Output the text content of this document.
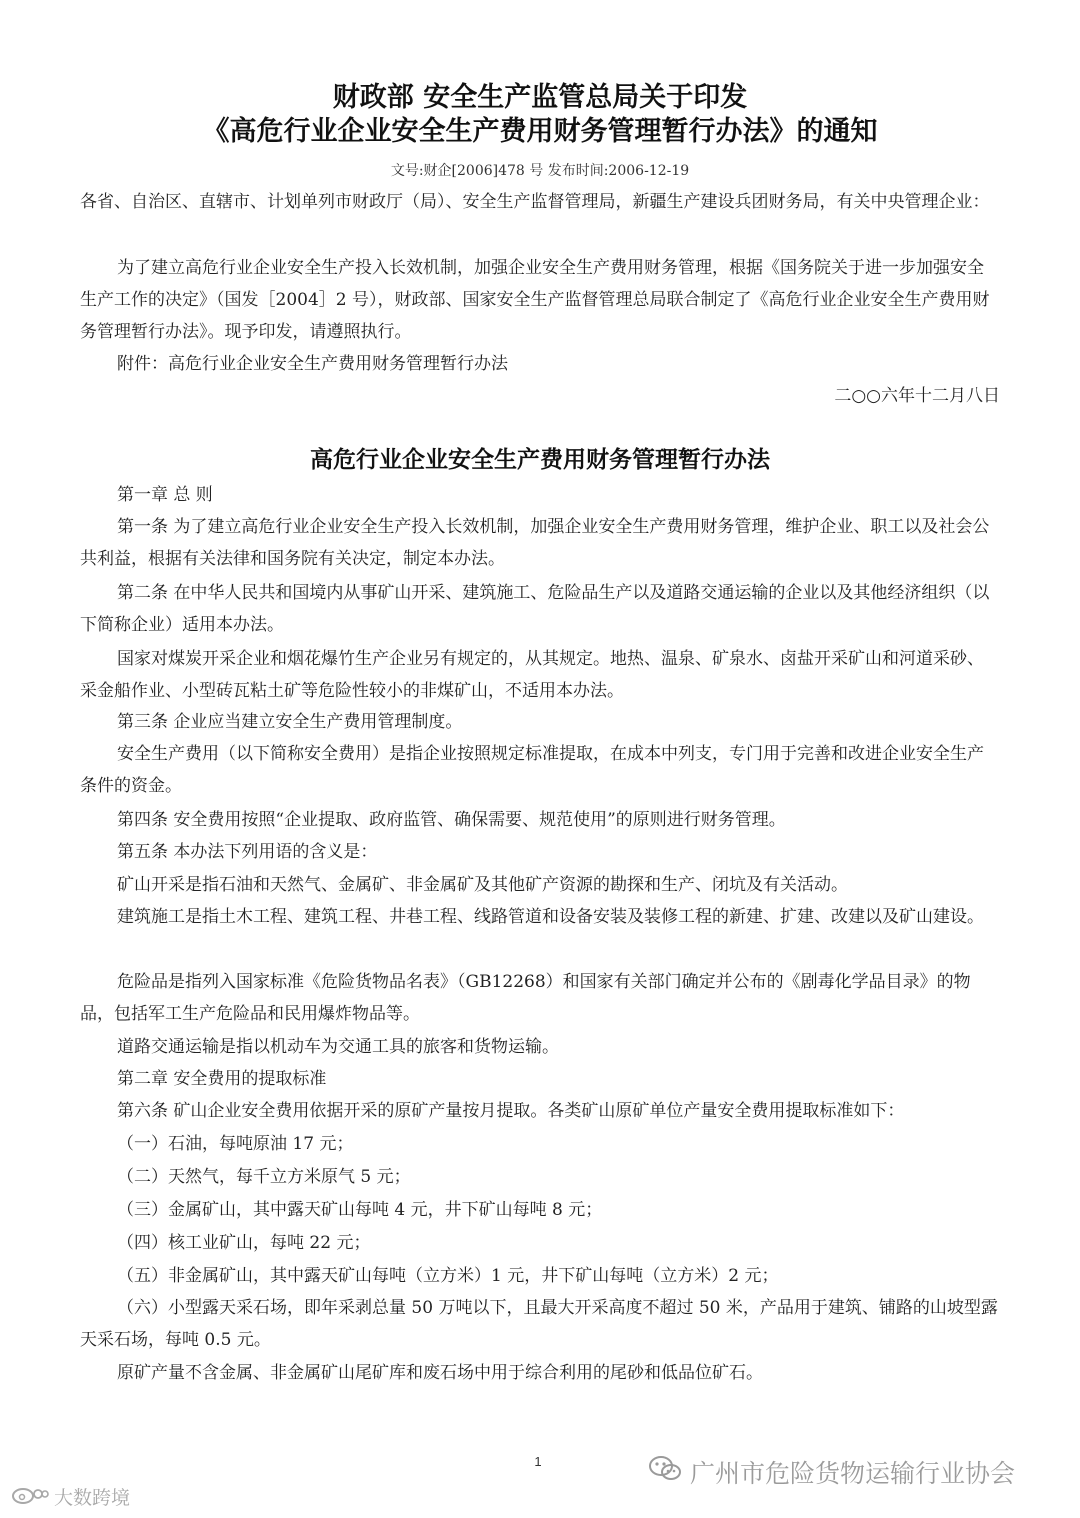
财政部 安全生产监管总局关于印发
《高危行业企业安全生产费用财务管理暂行办法》的通知
文号:财企[2006]478 号 发布时间:2006-12-19

各省、自治区、直辖市、计划单列市财政厅（局）、安全生产监督管理局，新疆生产建设兵团财务局，有关中央管理企业：

为了建立高危行业企业安全生产投入长效机制，加强企业安全生产费用财务管理，根据《国务院关于进一步加强安全生产工作的决定》（国发［2004］2 号），财政部、国家安全生产监督管理总局联合制定了《高危行业企业安全生产费用财务管理暂行办法》。现予印发，请遵照执行。

附件：高危行业企业安全生产费用财务管理暂行办法

二○○六年十二月八日

高危行业企业安全生产费用财务管理暂行办法

第一章 总 则

第一条 为了建立高危行业企业安全生产投入长效机制，加强企业安全生产费用财务管理，维护企业、职工以及社会公共利益，根据有关法律和国务院有关决定，制定本办法。

第二条 在中华人民共和国境内从事矿山开采、建筑施工、危险品生产以及道路交通运输的企业以及其他经济组织（以下简称企业）适用本办法。

国家对煤炭开采企业和烟花爆竹生产企业另有规定的，从其规定。地热、温泉、矿泉水、卤盐开采矿山和河道采砂、采金船作业、小型砖瓦粘土矿等危险性较小的非煤矿山，不适用本办法。

第三条 企业应当建立安全生产费用管理制度。

安全生产费用（以下简称安全费用）是指企业按照规定标准提取，在成本中列支，专门用于完善和改进企业安全生产条件的资金。

第四条 安全费用按照“企业提取、政府监管、确保需要、规范使用”的原则进行财务管理。

第五条 本办法下列用语的含义是：

矿山开采是指石油和天然气、金属矿、非金属矿及其他矿产资源的勘探和生产、闭坑及有关活动。

建筑施工是指土木工程、建筑工程、井巷工程、线路管道和设备安装及装修工程的新建、扩建、改建以及矿山建设。

危险品是指列入国家标准《危险货物品名表》（GB12268）和国家有关部门确定并公布的《剧毒化学品目录》的物品，包括军工生产危险品和民用爆炸物品等。

道路交通运输是指以机动车为交通工具的旅客和货物运输。

第二章 安全费用的提取标准

第六条 矿山企业安全费用依据开采的原矿产量按月提取。各类矿山原矿单位产量安全费用提取标准如下：

（一）石油，每吨原油 17 元；

（二）天然气，每千立方米原气 5 元；

（三）金属矿山，其中露天矿山每吨 4 元，井下矿山每吨 8 元；

（四）核工业矿山，每吨 22 元；

（五）非金属矿山，其中露天矿山每吨（立方米）1 元，井下矿山每吨（立方米）2 元；

（六）小型露天采石场，即年采剥总量 50 万吨以下，且最大开采高度不超过 50 米，产品用于建筑、铺路的山坡型露天采石场，每吨 0.5 元。

原矿产量不含金属、非金属矿山尾矿库和废石场中用于综合利用的尾砂和低品位矿石。

1	广州市危险货物运输行业协会
大数跨境
